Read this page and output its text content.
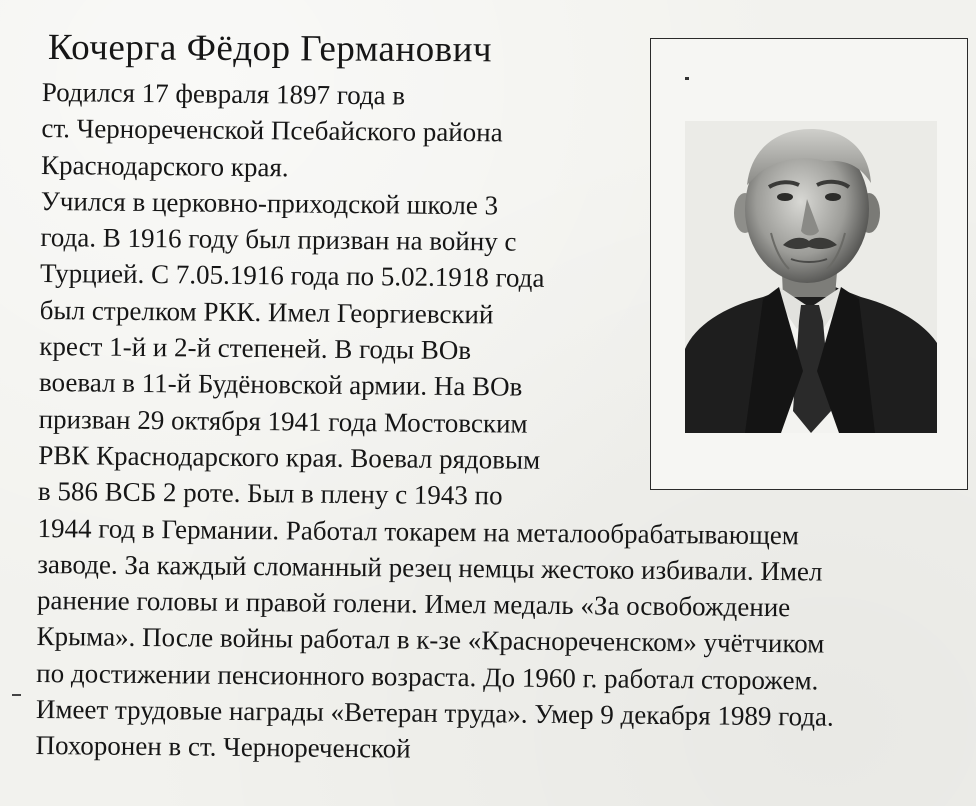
Кочерга Фёдор Германович
Родился 17 февраля 1897 года в
ст. Чернореченской Псебайского района
Краснодарского края.
Учился в церковно-приходской школе 3
года. В 1916 году был призван на войну с
Турцией. С 7.05.1916 года по 5.02.1918 года
был стрелком РКК. Имел Георгиевский
крест 1-й и 2-й степеней. В годы ВОв
воевал в 11-й Будёновской армии. На ВОв
призван 29 октября 1941 года Мостовским
РВК Краснодарского края. Воевал рядовым
в 586 ВСБ 2 роте. Был в плену с 1943 по
1944 год в Германии. Работал токарем на металообрабатывающем
заводе. За каждый сломанный резец немцы жестоко избивали. Имел
ранение головы и правой голени. Имел медаль «За освобождение
Крыма». После войны работал в к-зе «Краснореченском» учётчиком
по достижении пенсионного возраста. До 1960 г. работал сторожем.
Имеет трудовые награды «Ветеран труда». Умер 9 декабря 1989 года.
Похоронен в ст. Чернореченской
